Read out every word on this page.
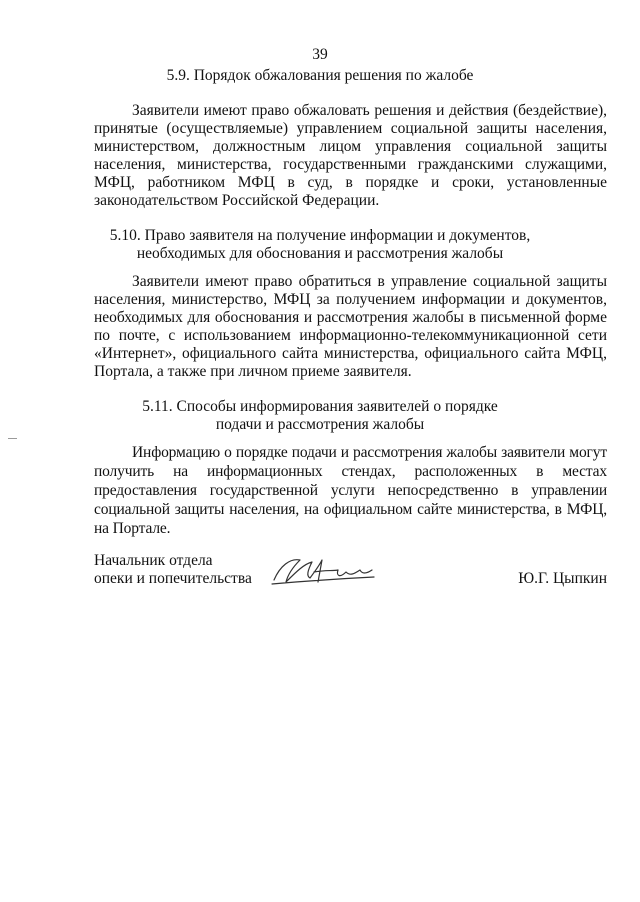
39
5.9. Порядок обжалования решения по жалобе

Заявители имеют право обжаловать решения и действия (бездействие), принятые (осуществляемые) управлением социальной защиты населения, министерством, должностным лицом управления социальной защиты населения, министерства, государственными гражданскими служащими, МФЦ, работником МФЦ в суд, в порядке и сроки, установленные законодательством Российской Федерации.

5.10. Право заявителя на получение информации и документов,
необходимых для обоснования и рассмотрения жалобы

Заявители имеют право обратиться в управление социальной защиты населения, министерство, МФЦ за получением информации и документов, необходимых для обоснования и рассмотрения жалобы в письменной форме по почте, с использованием информационно-телекоммуникационной сети «Интернет», официального сайта министерства, официального сайта МФЦ, Портала, а также при личном приеме заявителя.

5.11. Способы информирования заявителей о порядке
подачи и рассмотрения жалобы

Информацию о порядке подачи и рассмотрения жалобы заявители могут получить на информационных стендах, расположенных в местах предоставления государственной услуги непосредственно в управлении социальной защиты населения, на официальном сайте министерства, в МФЦ, на Портале.

Начальник отдела
опеки и попечительства	Ю.Г. Цыпкин
